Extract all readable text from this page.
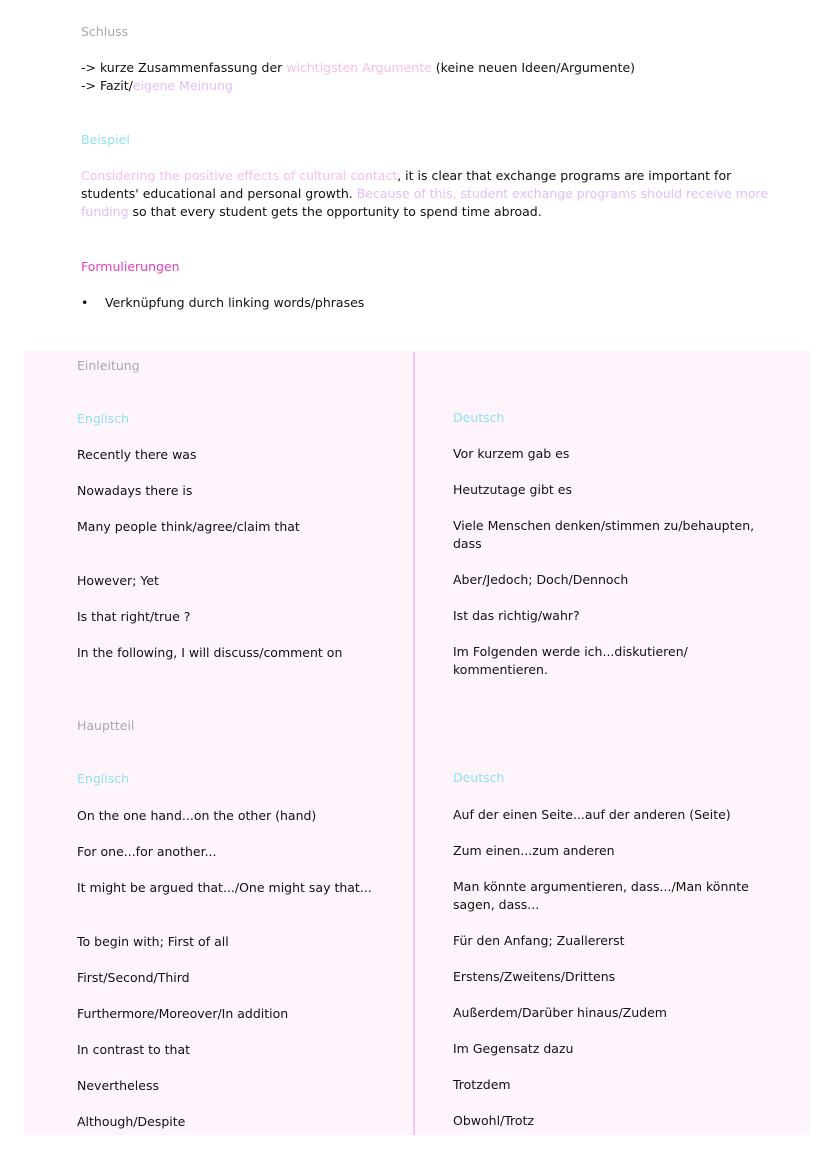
Schluss
-> kurze Zusammenfassung der wichtigsten Argumente (keine neuen Ideen/Argumente)
-> Fazit/eigene Meinung
Beispiel
Considering the positive effects of cultural contact, it is clear that exchange programs are important for
students' educational and personal growth. Because of this, student exchange programs should receive more
funding so that every student gets the opportunity to spend time abroad.
Formulierungen
• Verknüpfung durch linking words/phrases
Einleitung
Englisch	Deutsch
Recently there was	Vor kurzem gab es
Nowadays there is	Heutzutage gibt es
Many people think/agree/claim that	Viele Menschen denken/stimmen zu/behaupten, dass
However; Yet	Aber/Jedoch; Doch/Dennoch
Is that right/true ?	Ist das richtig/wahr?
In the following, I will discuss/comment on	Im Folgenden werde ich...diskutieren/ kommentieren.
Hauptteil
Englisch	Deutsch
On the one hand...on the other (hand)	Auf der einen Seite...auf der anderen (Seite)
For one...for another...	Zum einen...zum anderen
It might be argued that.../One might say that...	Man könnte argumentieren, dass.../Man könnte sagen, dass...
To begin with; First of all	Für den Anfang; Zuallererst
First/Second/Third	Erstens/Zweitens/Drittens
Furthermore/Moreover/In addition	Außerdem/Darüber hinaus/Zudem
In contrast to that	Im Gegensatz dazu
Nevertheless	Trotzdem
Although/Despite	Obwohl/Trotz
